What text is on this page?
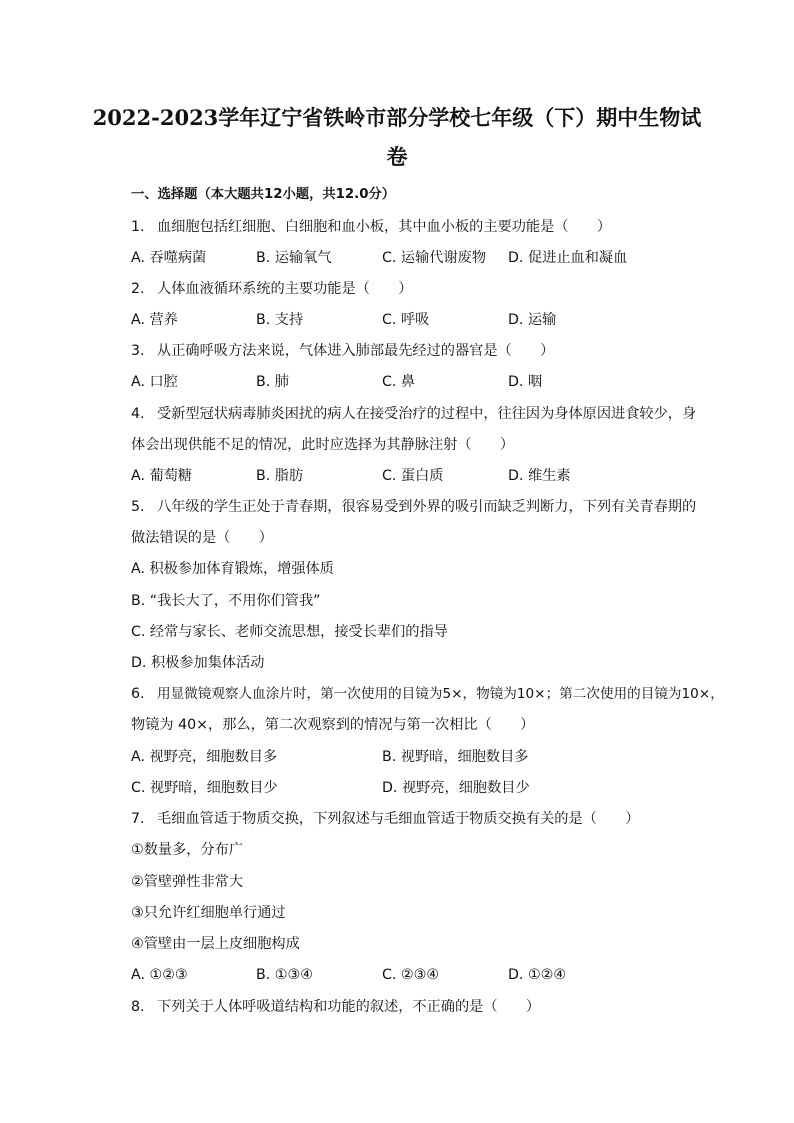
2022-2023学年辽宁省铁岭市部分学校七年级（下）期中生物试
卷
一、选择题（本大题共12小题，共12.0分）
1. 血细胞包括红细胞、白细胞和血小板，其中血小板的主要功能是（　　）
A. 吞噬病菌	B. 运输氧气	C. 运输代谢废物 D. 促进止血和凝血
2. 人体血液循环系统的主要功能是（　　）
A. 营养	B. 支持	C. 呼吸	D. 运输
3. 从正确呼吸方法来说，气体进入肺部最先经过的器官是（　　）
A. 口腔	B. 肺	C. 鼻	D. 咽
4. 受新型冠状病毒肺炎困扰的病人在接受治疗的过程中，往往因为身体原因进食较少，身
体会出现供能不足的情况，此时应选择为其静脉注射（　　）
A. 葡萄糖	B. 脂肪	C. 蛋白质	D. 维生素
5. 八年级的学生正处于青春期，很容易受到外界的吸引而缺乏判断力，下列有关青春期的
做法错误的是（　　）
A. 积极参加体育锻炼，增强体质
B. “我长大了，不用你们管我”
C. 经常与家长、老师交流思想，接受长辈们的指导
D. 积极参加集体活动
6. 用显微镜观察人血涂片时，第一次使用的目镜为5×，物镜为10×；第二次使用的目镜为10×，
物镜为 40×，那么，第二次观察到的情况与第一次相比（　　）
A. 视野亮，细胞数目多	B. 视野暗，细胞数目多
C. 视野暗，细胞数目少	D. 视野亮，细胞数目少
7. 毛细血管适于物质交换，下列叙述与毛细血管适于物质交换有关的是（　　）
①数量多，分布广
②管壁弹性非常大
③只允许红细胞单行通过
④管壁由一层上皮细胞构成
A. ①②③	B. ①③④	C. ②③④	D. ①②④
8. 下列关于人体呼吸道结构和功能的叙述，不正确的是（　　）
